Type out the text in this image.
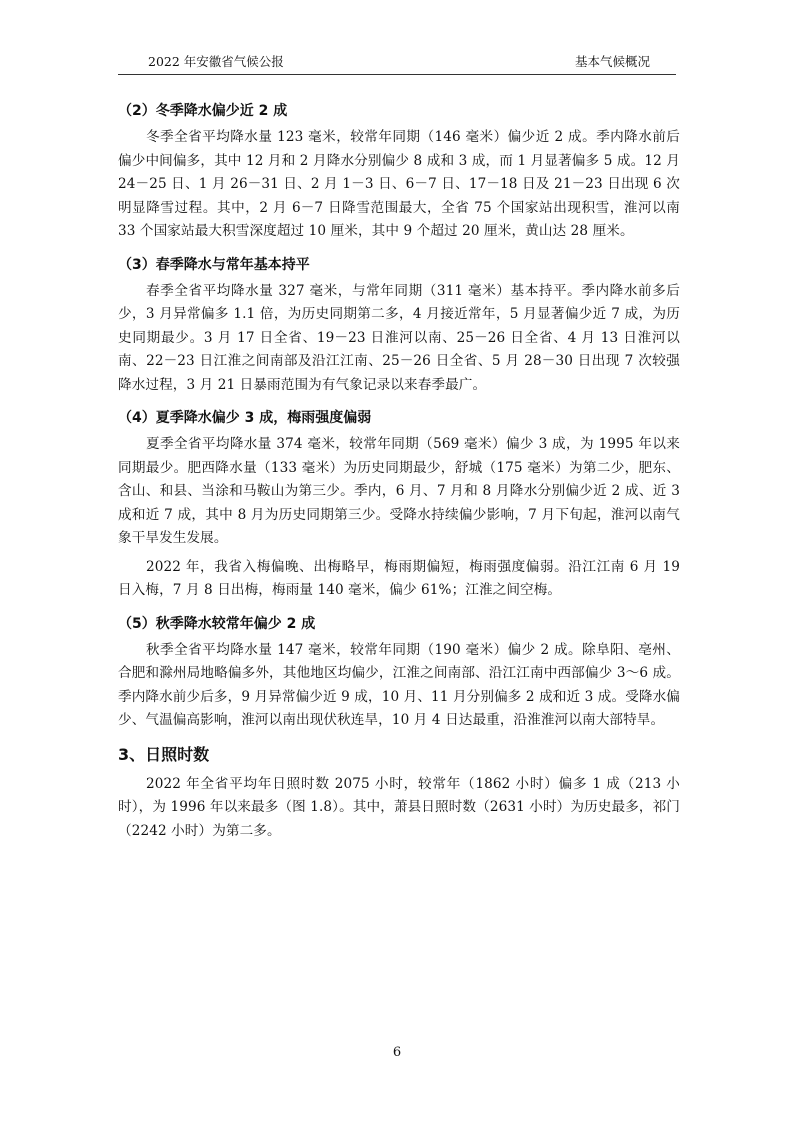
2022 年安徽省气候公报	基本气候概况
（2）冬季降水偏少近 2 成

冬季全省平均降水量 123 毫米，较常年同期（146 毫米）偏少近 2 成。季内降水前后偏少中间偏多，其中 12 月和 2 月降水分别偏少 8 成和 3 成，而 1 月显著偏多 5 成。12 月 24－25 日、1 月 26－31 日、2 月 1－3 日、6－7 日、17－18 日及 21－23 日出现 6 次明显降雪过程。其中，2 月 6－7 日降雪范围最大，全省 75 个国家站出现积雪，淮河以南 33 个国家站最大积雪深度超过 10 厘米，其中 9 个超过 20 厘米，黄山达 28 厘米。

（3）春季降水与常年基本持平

春季全省平均降水量 327 毫米，与常年同期（311 毫米）基本持平。季内降水前多后少，3 月异常偏多 1.1 倍，为历史同期第二多，4 月接近常年，5 月显著偏少近 7 成，为历史同期最少。3 月 17 日全省、19－23 日淮河以南、25－26 日全省、4 月 13 日淮河以南、22－23 日江淮之间南部及沿江江南、25－26 日全省、5 月 28－30 日出现 7 次较强降水过程，3 月 21 日暴雨范围为有气象记录以来春季最广。

（4）夏季降水偏少 3 成，梅雨强度偏弱

夏季全省平均降水量 374 毫米，较常年同期（569 毫米）偏少 3 成，为 1995 年以来同期最少。肥西降水量（133 毫米）为历史同期最少，舒城（175 毫米）为第二少，肥东、含山、和县、当涂和马鞍山为第三少。季内，6 月、7 月和 8 月降水分别偏少近 2 成、近 3 成和近 7 成，其中 8 月为历史同期第三少。受降水持续偏少影响，7 月下旬起，淮河以南气象干旱发生发展。

2022 年，我省入梅偏晚、出梅略早，梅雨期偏短，梅雨强度偏弱。沿江江南 6 月 19 日入梅，7 月 8 日出梅，梅雨量 140 毫米，偏少 61%；江淮之间空梅。

（5）秋季降水较常年偏少 2 成

秋季全省平均降水量 147 毫米，较常年同期（190 毫米）偏少 2 成。除阜阳、亳州、合肥和滁州局地略偏多外，其他地区均偏少，江淮之间南部、沿江江南中西部偏少 3～6 成。季内降水前少后多，9 月异常偏少近 9 成，10 月、11 月分别偏多 2 成和近 3 成。受降水偏少、气温偏高影响，淮河以南出现伏秋连旱，10 月 4 日达最重，沿淮淮河以南大部特旱。

3、日照时数

2022 年全省平均年日照时数 2075 小时，较常年（1862 小时）偏多 1 成（213 小时），为 1996 年以来最多（图 1.8）。其中，萧县日照时数（2631 小时）为历史最多，祁门（2242 小时）为第二多。

6
